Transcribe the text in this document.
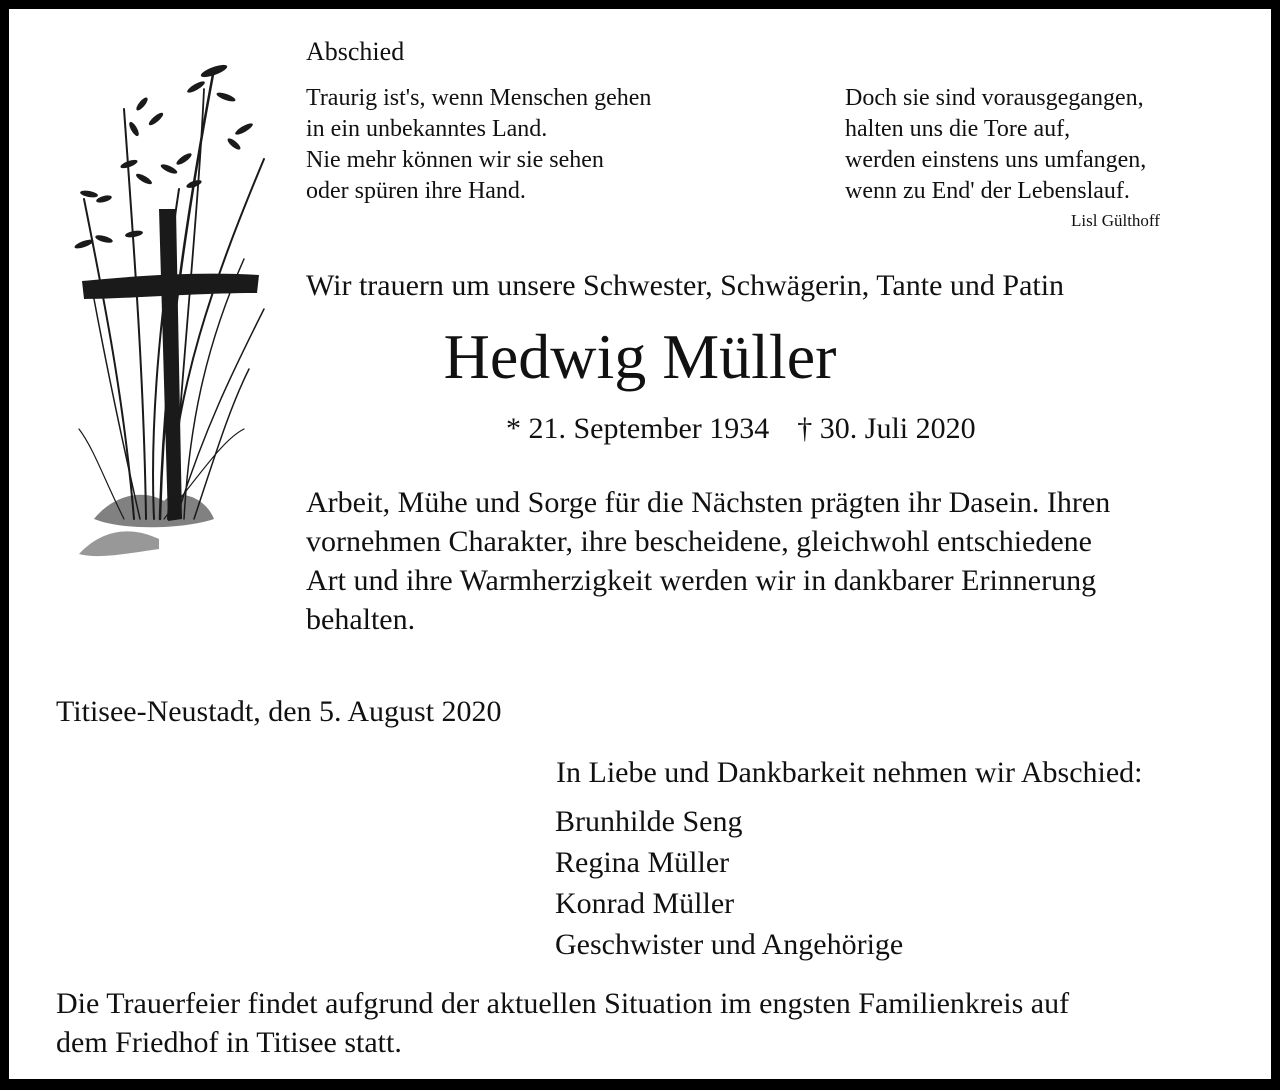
Abschied

Traurig ist's, wenn Menschen gehen
in ein unbekanntes Land.
Nie mehr können wir sie sehen
oder spüren ihre Hand.
Doch sie sind vorausgegangen,
halten uns die Tore auf,
werden einstens uns umfangen,
wenn zu End' der Lebenslauf.

Lisl Gülthoff

Wir trauern um unsere Schwester, Schwägerin, Tante und Patin

Hedwig Müller

* 21. September 1934 † 30. Juli 2020

Arbeit, Mühe und Sorge für die Nächsten prägten ihr Dasein. Ihren
vornehmen Charakter, ihre bescheidene, gleichwohl entschiedene
Art und ihre Warmherzigkeit werden wir in dankbarer Erinnerung
behalten.

Titisee-Neustadt, den 5. August 2020

In Liebe und Dankbarkeit nehmen wir Abschied:

Brunhilde Seng
Regina Müller
Konrad Müller
Geschwister und Angehörige
Die Trauerfeier findet aufgrund der aktuellen Situation im engsten Familienkreis auf
dem Friedhof in Titisee statt.
